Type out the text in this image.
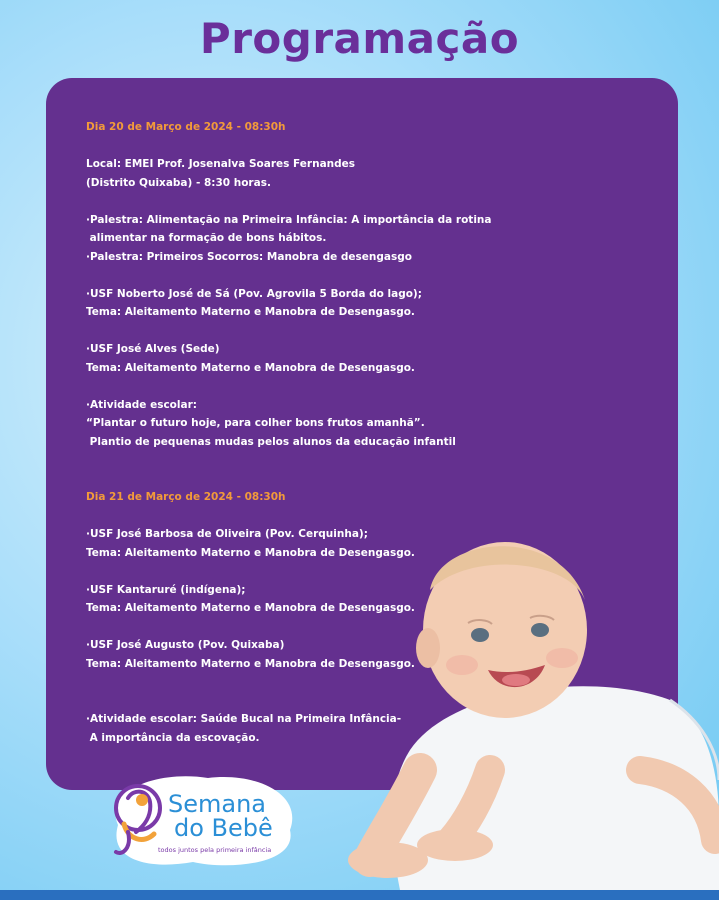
Programação
Dia 20 de Março de 2024 - 08:30h
Local: EMEI Prof. Josenalva Soares Fernandes
(Distrito Quixaba) - 8:30 horas.
·Palestra: Alimentação na Primeira Infância: A importância da rotina
alimentar na formação de bons hábitos.
·Palestra: Primeiros Socorros: Manobra de desengasgo
·USF Noberto José de Sá (Pov. Agrovila 5 Borda do lago);
Tema: Aleitamento Materno e Manobra de Desengasgo.
·USF José Alves (Sede)
Tema: Aleitamento Materno e Manobra de Desengasgo.
·Atividade escolar:
“Plantar o futuro hoje, para colher bons frutos amanhã”.
Plantio de pequenas mudas pelos alunos da educação infantil
Dia 21 de Março de 2024 - 08:30h
·USF José Barbosa de Oliveira (Pov. Cerquinha);
Tema: Aleitamento Materno e Manobra de Desengasgo.
·USF Kantaruré (indígena);
Tema: Aleitamento Materno e Manobra de Desengasgo.
·USF José Augusto (Pov. Quixaba)
Tema: Aleitamento Materno e Manobra de Desengasgo.
·Atividade escolar: Saúde Bucal na Primeira Infância-
A importância da escovação.
Semana
do Bebê
todos juntos pela primeira infância
